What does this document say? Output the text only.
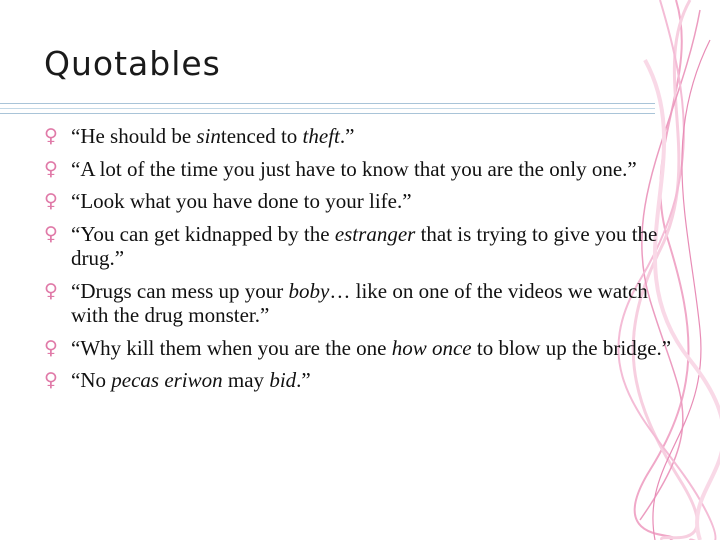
Quotables
♀ “He should be sintenced to theft.”
♀ “A lot of the time you just have to know that you are the only one.”
♀ “Look what you have done to your life.”
♀ “You can get kidnapped by the estranger that is trying to give you the drug.”
♀ “Drugs can mess up your boby… like on one of the videos we watch with the drug monster.”
♀ “Why kill them when you are the one how once to blow up the bridge.”
♀ “No pecas eriwon may bid.”
